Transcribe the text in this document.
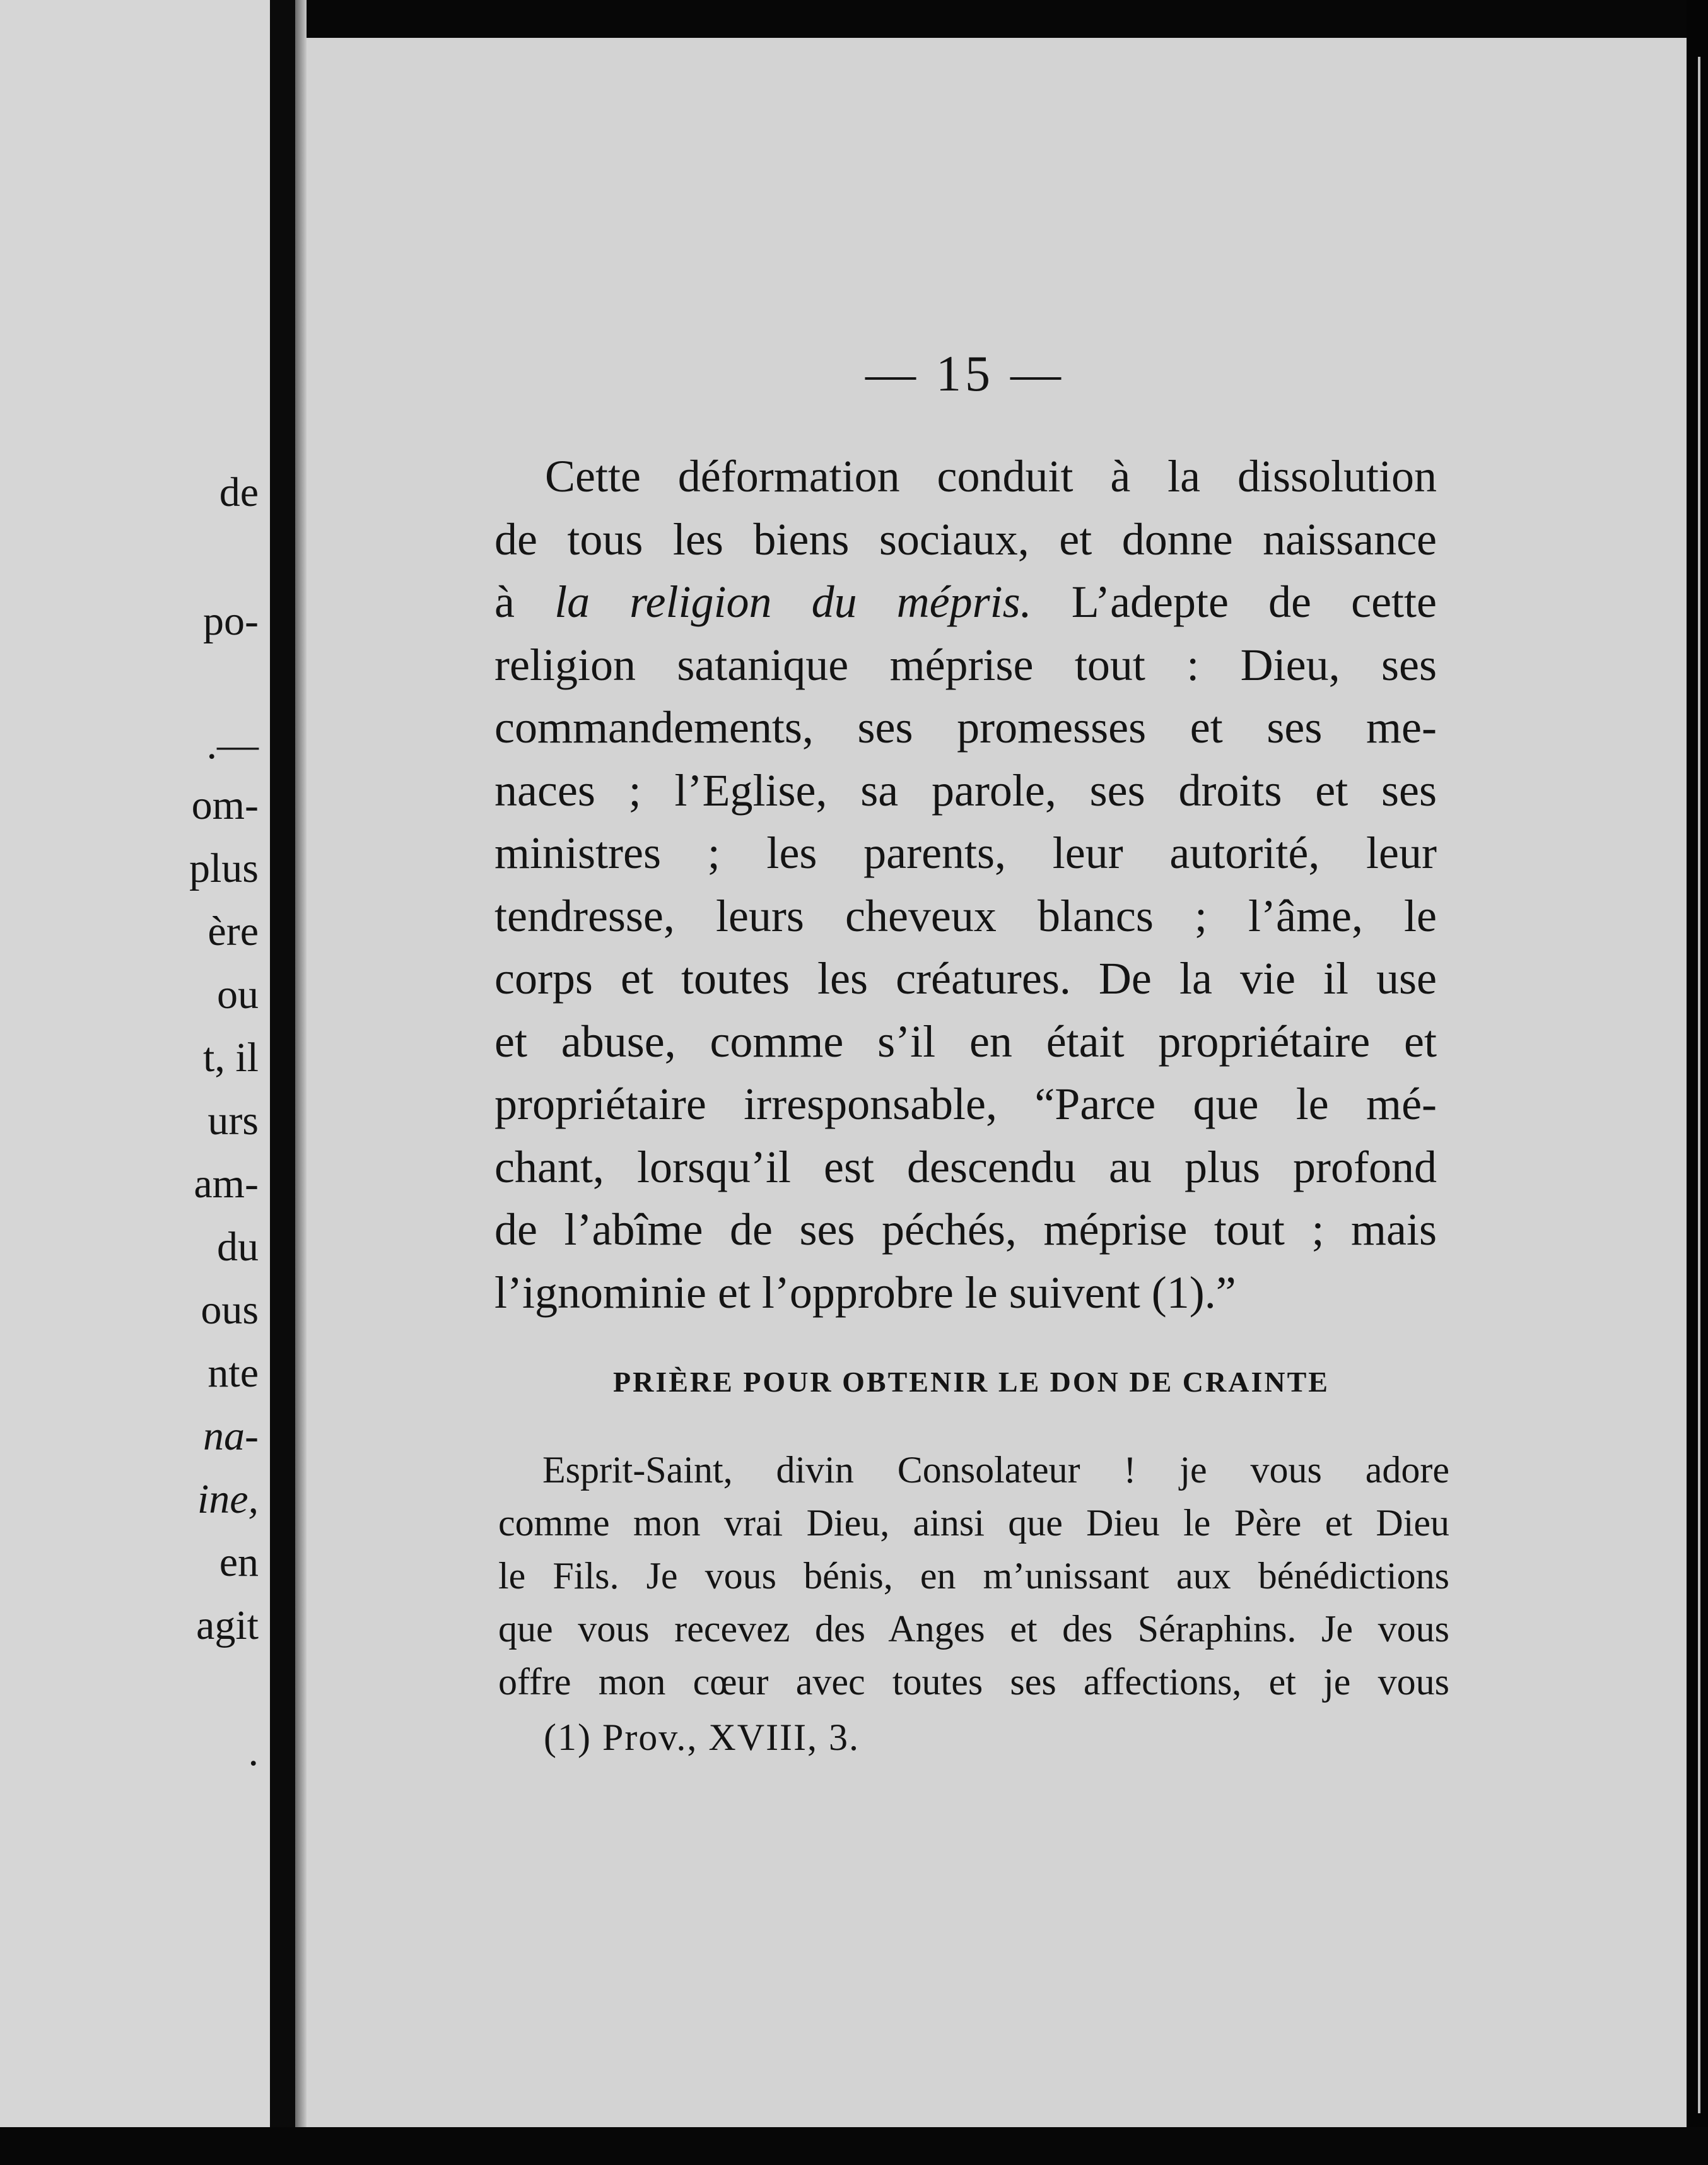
de
po-
.—
om-
plus
ère
ou
t, il
urs
am-
du
ous
nte
na-
ine,
en
agit
.
— 15 —
Cette déformation conduit à la dissolution
de tous les biens sociaux, et donne naissance
à la religion du mépris. L’adepte de cette
religion satanique méprise tout : Dieu, ses
commandements, ses promesses et ses me-
naces ; l’Eglise, sa parole, ses droits et ses
ministres ; les parents, leur autorité, leur
tendresse, leurs cheveux blancs ; l’âme, le
corps et toutes les créatures. De la vie il use
et abuse, comme s’il en était propriétaire et
propriétaire irresponsable, “Parce que le mé-
chant, lorsqu’il est descendu au plus profond
de l’abîme de ses péchés, méprise tout ; mais
l’ignominie et l’opprobre le suivent (1).”
PRIÈRE POUR OBTENIR LE DON DE CRAINTE
Esprit-Saint, divin Consolateur ! je vous adore
comme mon vrai Dieu, ainsi que Dieu le Père et Dieu
le Fils. Je vous bénis, en m’unissant aux bénédictions
que vous recevez des Anges et des Séraphins. Je vous
offre mon cœur avec toutes ses affections, et je vous
(1) Prov., XVIII, 3.
